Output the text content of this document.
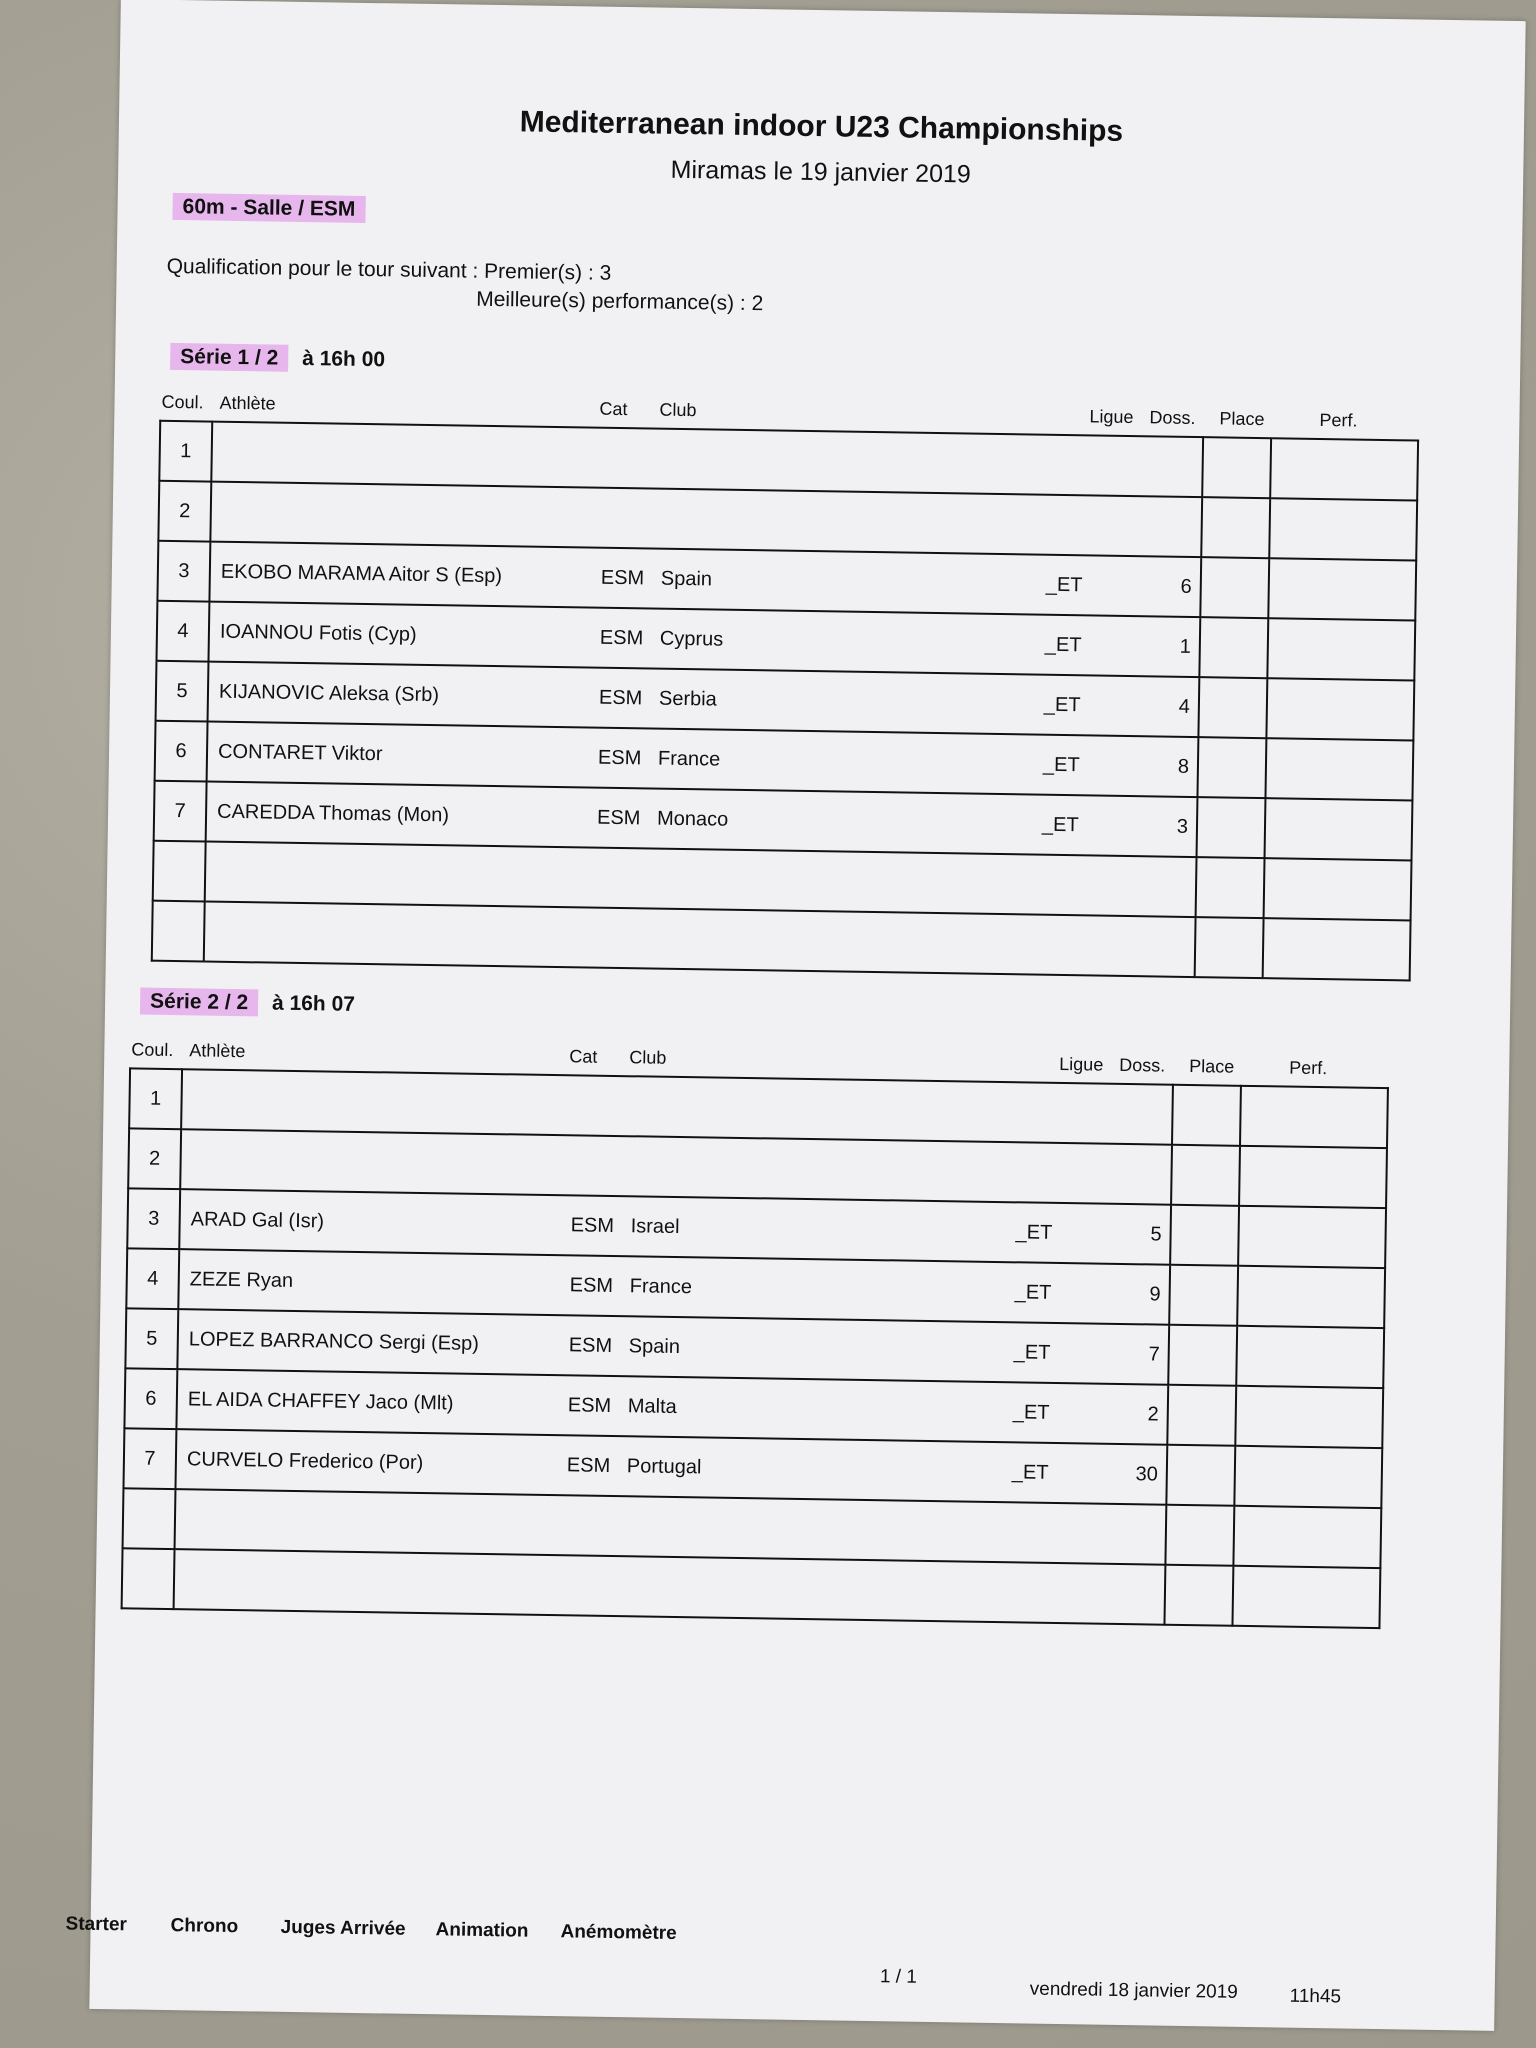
Mediterranean indoor U23 Championships
Miramas le 19 janvier 2019
60m - Salle / ESM
Qualification pour le tour suivant : Premier(s) : 3
Meilleure(s) performance(s) : 2
Série 1 / 2 à 16h 00
Coul. Athlète	Cat Club	Ligue Doss. Place	Perf.
1	

2	

3	EKOBO MARAMA Aitor S (Esp) ESM Spain _ET 6		

4	IOANNOU Fotis (Cyp) ESM Cyprus _ET 1		

5	KIJANOVIC Aleksa (Srb) ESM Serbia _ET 4		

6	CONTARET Viktor ESM France _ET 8		

7	CAREDDA Thomas (Mon) ESM Monaco _ET 3		

Série 2 / 2 à 16h 07
Coul. Athlète	Cat Club	Ligue Doss. Place	Perf.
1	

2	

3	ARAD Gal (Isr) ESM Israel _ET 5		

4	ZEZE Ryan ESM France _ET 9		

5	LOPEZ BARRANCO Sergi (Esp) ESM Spain _ET 7		

6	EL AIDA CHAFFEY Jaco (Mlt) ESM Malta _ET 2		

7	CURVELO Frederico (Por) ESM Portugal _ET 30		

Starter Chrono Juges Arrivée Animation Anémomètre
1 / 1
vendredi 18 janvier 2019	11h45
